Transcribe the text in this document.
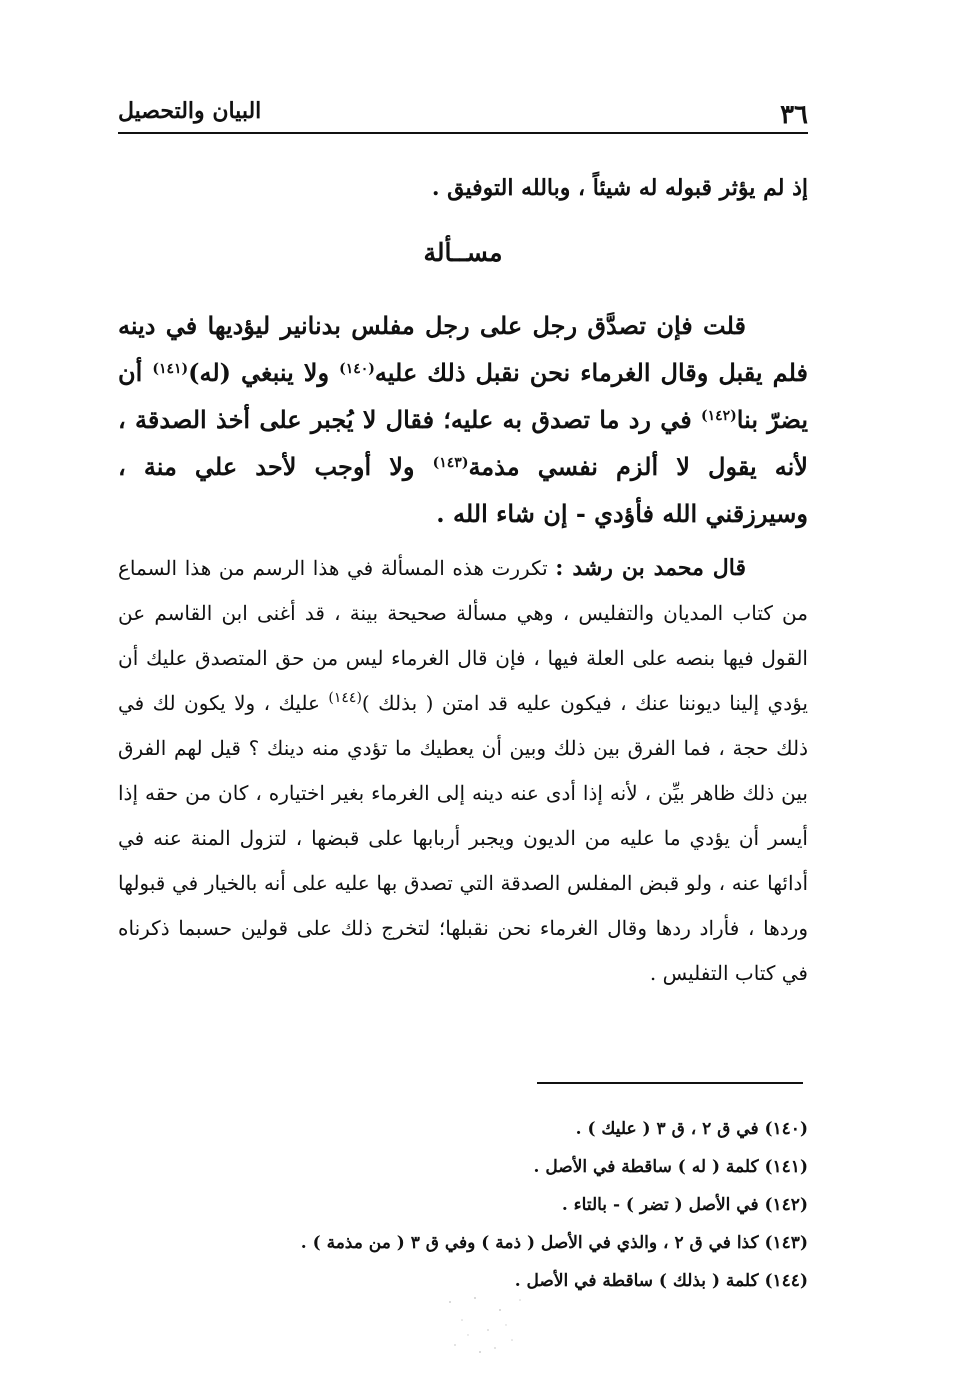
٣٦
البيان والتحصيل

إذ لم يؤثر قبوله له شيئاً ، وبالله التوفيق .

مســألة

قلت فإن تصدَّق رجل على رجل مفلس بدنانير ليؤديها في دينه فلم يقبل وقال الغرماء نحن نقبل ذلك عليه$^{(١٤٠)}$ ولا ينبغي (له)$^{(١٤١)}$ أن يضرّ بنا$^{(١٤٢)}$ في رد ما تصدق به عليه؛ فقال لا يُجبر على أخذ الصدقة ، لأنه يقول لا ألزم نفسي مذمة$^{(١٤٣)}$ ولا أوجب لأحد علي منة ، وسيرزقني الله فأؤدي - إن شاء الله .

قال محمد بن رشد : تكررت هذه المسألة في هذا الرسم من هذا السماع من كتاب المديان والتفليس ، وهي مسألة صحيحة بينة ، قد أغنى ابن القاسم عن القول فيها بنصه على العلة فيها ، فإن قال الغرماء ليس من حق المتصدق عليك أن يؤدي إلينا ديوننا عنك ، فيكون عليه قد امتن ( بذلك )$^{(١٤٤)}$ عليك ، ولا يكون لك في ذلك حجة ، فما الفرق بين ذلك وبين أن يعطيك ما تؤدي منه دينك ؟ قيل لهم الفرق بين ذلك ظاهر بيِّن ، لأنه إذا أدى عنه دينه إلى الغرماء بغير اختياره ، كان من حقه إذا أيسر أن يؤدي ما عليه من الديون ويجبر أربابها على قبضها ، لتزول المنة عنه في أدائها عنه ، ولو قبض المفلس الصدقة التي تصدق بها عليه على أنه بالخيار في قبولها وردها ، فأراد ردها وقال الغرماء نحن نقبلها؛ لتخرج ذلك على قولين حسبما ذكرناه في كتاب التفليس .

(١٤٠) في ق ٢ ، ق ٣ ( عليك ) .
(١٤١) كلمة ( له ) ساقطة في الأصل .
(١٤٢) في الأصل ( تضر ) - بالتاء .
(١٤٣) كذا في ق ٢ ، والذي في الأصل ( ذمة ) وفي ق ٣ ( من مذمة ) .
(١٤٤) كلمة ( بذلك ) ساقطة في الأصل .
